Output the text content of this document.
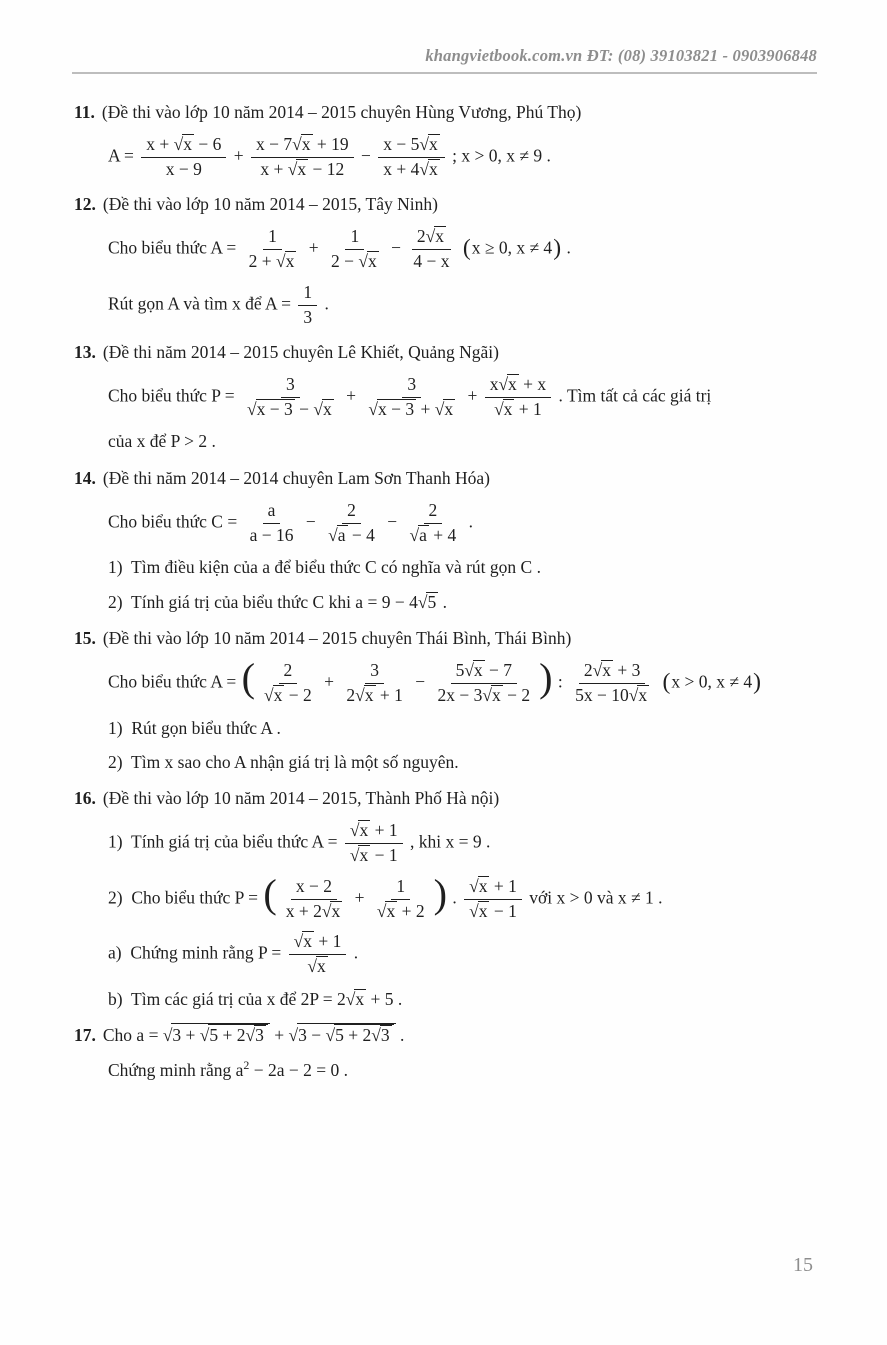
khangvietbook.com.vn ĐT: (08) 39103821 - 0903906848
11. (Đề thi vào lớp 10 năm 2014 – 2015 chuyên Hùng Vương, Phú Thọ)
$A = \frac{x + √x - 6}{x - 9} + \frac{x - 7√x + 19}{x + √x - 12} - \frac{x - 5√x}{x + 4√x}$ ; x > 0, x ≠ 9 .
12. (Đề thi vào lớp 10 năm 2014 – 2015, Tây Ninh)
Cho biểu thức $A = \frac{1}{2 + √x} + \frac{1}{2 - √x} - \frac{2√x}{4 - x} (x \ge 0$, x ≠ 4) .
Rút gọn A và tìm x để $A = \frac{1}{3}$ .
13. (Đề thi năm 2014 – 2015 chuyên Lê Khiết, Quảng Ngãi)
Cho biểu thức $P = \frac{3}{√x - 3 - √x} + \frac{3}{√x - 3 + √x} + \frac{x√x + x}{√x + 1}$ . Tìm tất cả các giá trị
của x để P > 2 .
14. (Đề thi năm 2014 – 2014 chuyên Lam Sơn Thanh Hóa)
Cho biểu thức $C = \frac{a}{a - 16} - \frac{2}{√a - 4} - \frac{2}{√a + 4}$ .
1)  Tìm điều kiện của a để biểu thức C có nghĩa và rút gọn C .
2)  Tính giá trị của biểu thức C khi a = 9 − 4√5 .
15. (Đề thi vào lớp 10 năm 2014 – 2015 chuyên Thái Bình, Thái Bình)
Cho biểu thức A = ( $\frac{2}{√x - 2} + \frac{3}{2√x + 1} - \frac{5√x - 7}{2x - 3√x - 2}$ ) : $\frac{2√x + 3}{5x - 10√x} (x > 0$, x ≠ 4)
1)  Rút gọn biểu thức A .
2)  Tìm x sao cho A nhận giá trị là một số nguyên.
16. (Đề thi vào lớp 10 năm 2014 – 2015, Thành Phố Hà nội)
1)  Tính giá trị của biểu thức $A = \frac{√x + 1}{√x - 1}$ , khi x = 9 .
2)  Cho biểu thức P = ( $\frac{x - 2}{x + 2√x} + \frac{1}{√x + 2}$ ) . $\frac{√x + 1}{√x - 1}$ với x > 0 và x ≠ 1 .
a)  Chứng minh rằng $P = \frac{√x + 1}{√x}$ .
b)  Tìm các giá trị của x để 2P = 2√x + 5 .
17. Cho a = √3 + √5 + 2√3 + √3 − √5 + 2√3 .
Chứng minh rằng $a^2 - 2a - 2 = 0$ .
15
